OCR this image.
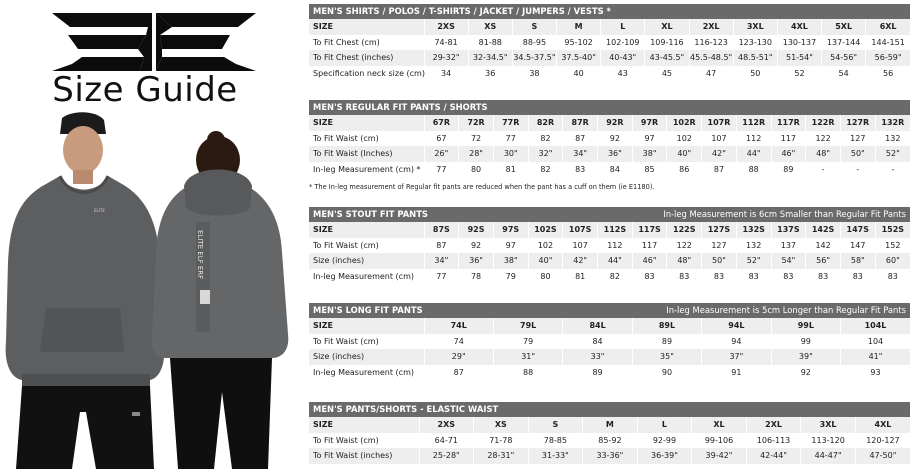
Size Guide
ELITE
ELITE ELF ERF
MEN'S SHIRTS / POLOS / T-SHIRTS / JACKET / JUMPERS / VESTS *
SIZE	2XS	XS	S	M	L	XL	2XL	3XL	4XL	5XL	6XL
To Fit Chest (cm)	74-81	81-88	88-95	95-102	102-109	109-116	116-123	123-130	130-137	137-144	144-151
To Fit Chest (inches)	29-32"	32-34.5"	34.5-37.5"	37.5-40"	40-43"	43-45.5"	45.5-48.5"	48.5-51"	51-54"	54-56"	56-59"
Specification neck size (cm)	34	36	38	40	43	45	47	50	52	54	56
MEN'S REGULAR FIT PANTS / SHORTS
SIZE	67R	72R	77R	82R	87R	92R	97R	102R	107R	112R	117R	122R	127R	132R
To Fit Waist (cm)	67	72	77	82	87	92	97	102	107	112	117	122	127	132
To Fit Waist (Inches)	26"	28"	30"	32"	34"	36"	38"	40"	42"	44"	46"	48"	50"	52"
In-leg Measurement (cm) *	77	80	81	82	83	84	85	86	87	88	89	-	-	-
* The In-leg measurement of Regular fit pants are reduced when the pant has a cuff on them (ie E1180).
MEN'S STOUT FIT PANTS	In-leg Measurement is 6cm Smaller than Regular Fit Pants
SIZE	87S	92S	97S	102S	107S	112S	117S	122S	127S	132S	137S	142S	147S	152S
To Fit Waist (cm)	87	92	97	102	107	112	117	122	127	132	137	142	147	152
Size (inches)	34"	36"	38"	40"	42"	44"	46"	48"	50"	52"	54"	56"	58"	60"
In-leg Measurement (cm)	77	78	79	80	81	82	83	83	83	83	83	83	83	83
MEN'S LONG FIT PANTS	In-leg Measurement is 5cm Longer than Regular Fit Pants
SIZE	74L	79L	84L	89L	94L	99L	104L
To Fit Waist (cm)	74	79	84	89	94	99	104
Size (inches)	29"	31"	33"	35"	37"	39"	41"
In-leg Measurement (cm)	87	88	89	90	91	92	93
MEN'S PANTS/SHORTS - ELASTIC WAIST
SIZE	2XS	XS	S	M	L	XL	2XL	3XL	4XL
To Fit Waist (cm)	64-71	71-78	78-85	85-92	92-99	99-106	106-113	113-120	120-127
To Fit Waist (inches)	25-28"	28-31"	31-33"	33-36"	36-39"	39-42"	42-44"	44-47"	47-50"
